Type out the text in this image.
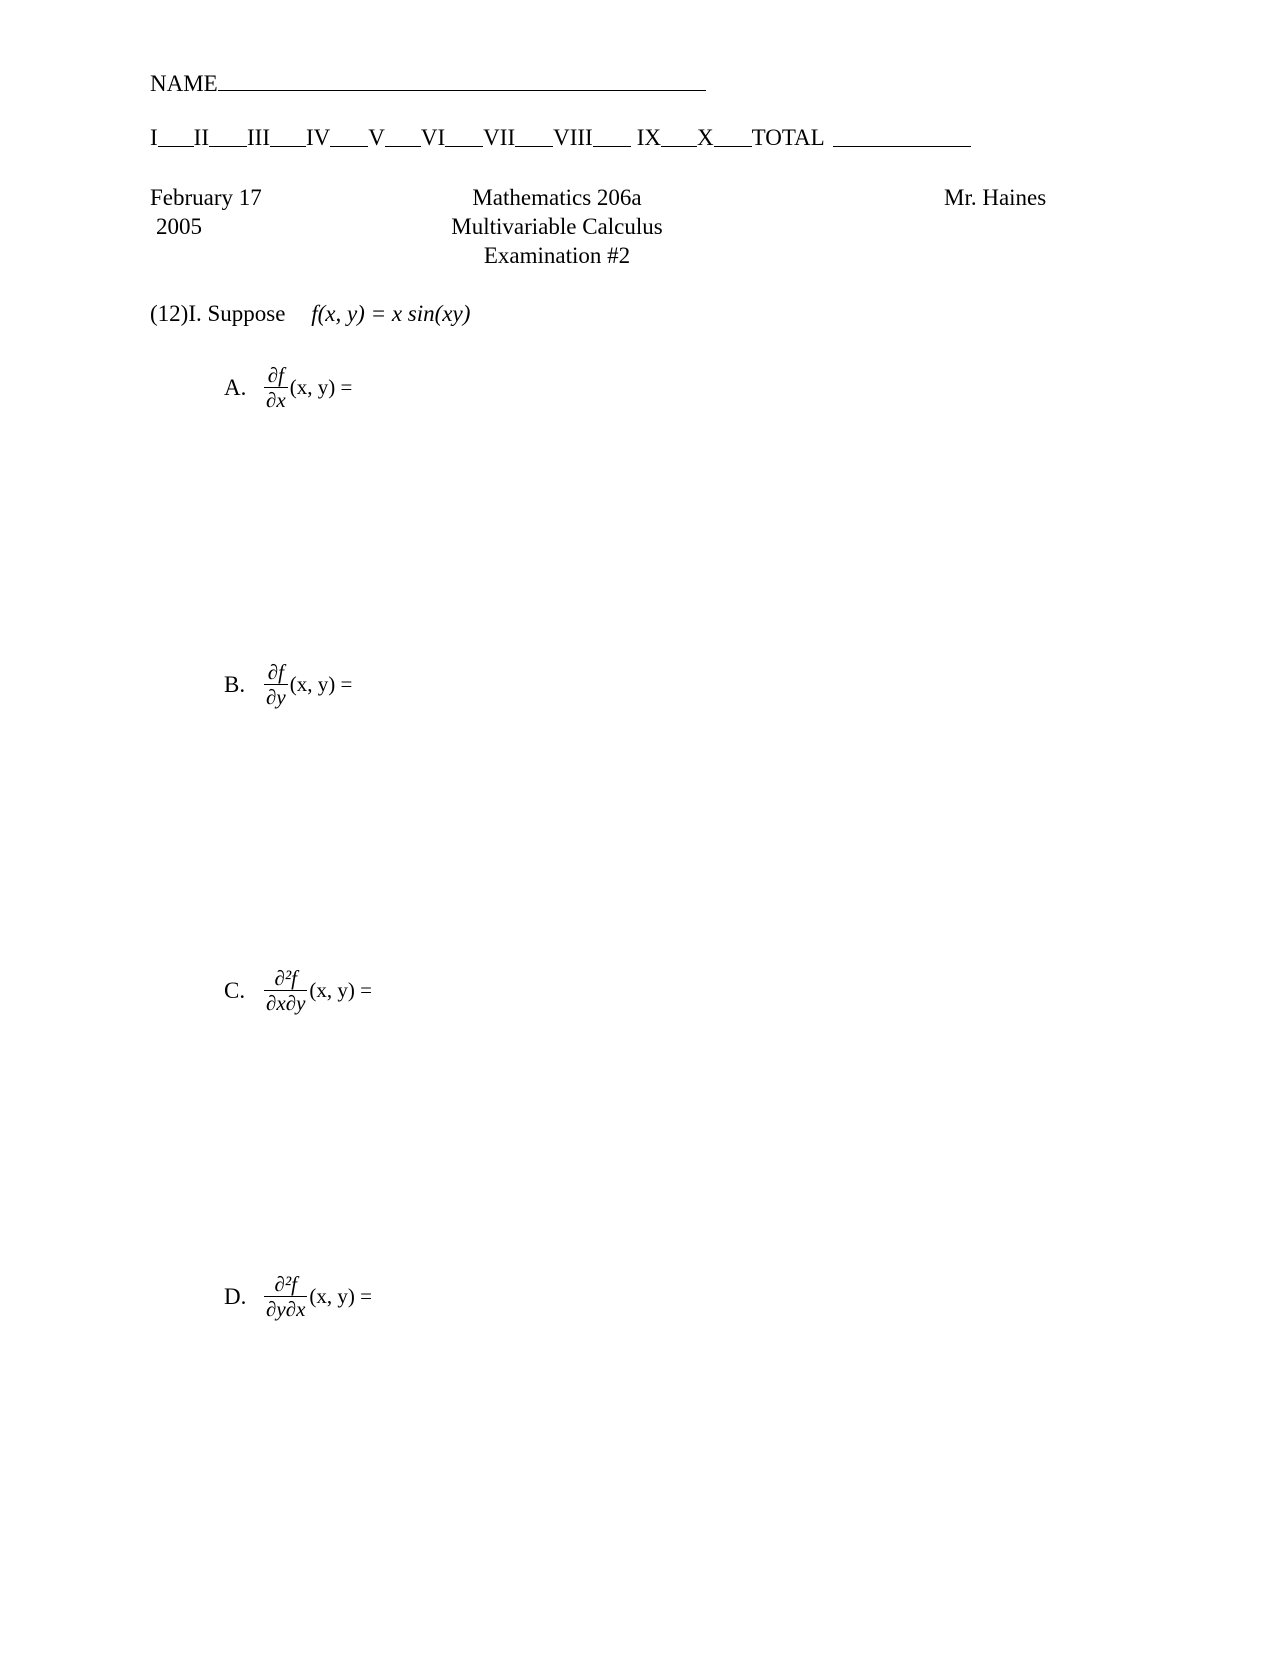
NAME
I II III IV V VI VII VIII IX X TOTAL
February 17
2005
Mathematics 206a
Multivariable Calculus
Examination #2
Mr. Haines
(12)I. Suppose f(x, y) = x sin(xy)
A. $\frac{\partial f}{\partial x} (x$, y) =
B. $\frac{\partial f}{\partial y} (x$, y) =
C. $\frac{\text{∂²f}}{\partial x\partial y} (x$, y) =
D. $\frac{\text{∂²f}}{\partial y\partial x} (x$, y) =
